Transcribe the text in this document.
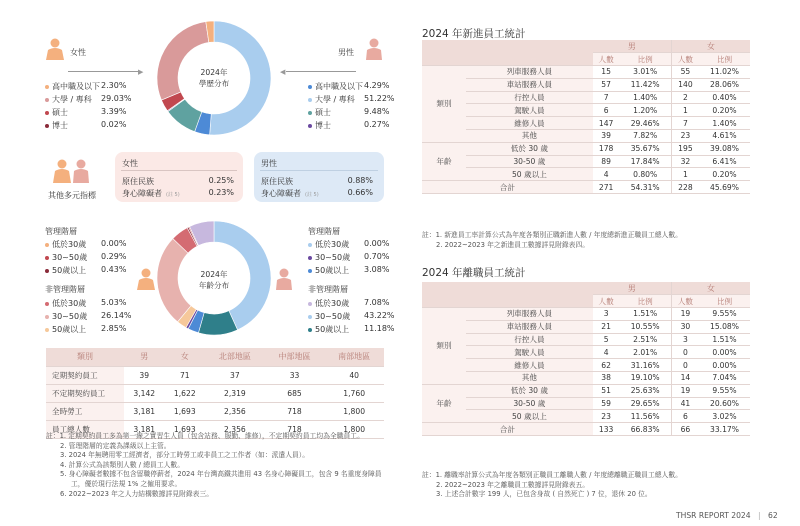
女性
▶
高中職及以下 2.30%
大學 / 專科 29.03%
碩士	3.39%
博士	0.02%
2024年
學歷分布
男性
◀
高中職及以下 4.29%
大學 / 專科 51.22%
碩士	9.48%
博士	0.27%
其他多元指標
女性
原住民族	0.25%
身心障礙者 (註 5)	0.23%
男性
原住民族	0.88%
身心障礙者 (註 5)	0.66%
管理階層
低於30歲 0.00%
30~50歲 0.29%
50歲以上 0.43%
非管理階層
低於30歲 5.03%
30~50歲 26.14%
50歲以上 2.85%
2024年
年齡分布
管理階層
低於30歲 0.00%
30~50歲 0.70%
50歲以上 3.08%
非管理階層
低於30歲 7.08%
30~50歲 43.22%
50歲以上 11.18%
類別	男	女	北部地區	中部地區	南部地區
定期契約員工	39	71	37	33	40
不定期契約員工	3,142	1,622	2,319	685	1,760
全時勞工	3,181	1,693	2,356	718	1,800
員工總人數	3,181	1,693	2,356	718	1,800
註：1. 定期契約員工多為第一線之實習生人員（包含站務、服勤、維修），不定期契約員工均為全職員工。
2. 管理階層的定義為課級以上主管。
3. 2024 年無聘用零工經濟者，部分工時勞工或非員工之工作者（如：派遣人員）。
4. 計算公式為該類別人數 / 總員工人數。
5. 身心障礙者數據不包含留職停薪者，2024 年台灣高鐵共進用 43 名身心障礙員工，包含 9 名重度身障員
工，優於現行法規 1% 之僱用要求。
6. 2022~2023 年之人力結構數據詳見附錄表三。
2024 年新進員工統計
		男		女	
		人數	比例	人數	比例
類別	列車服務人員	15	3.01%	55	11.02%
	車站服務人員	57	11.42%	140	28.06%
	行控人員	7	1.40%	2	0.40%
	駕駛人員	6	1.20%	1	0.20%
	維修人員	147	29.46%	7	1.40%
	其他	39	7.82%	23	4.61%
年齡	低於 30 歲	178	35.67%	195	39.08%
	30-50 歲	89	17.84%	32	6.41%
	50 歲以上	4	0.80%	1	0.20%
合計		271	54.31%	228	45.69%
註：1. 新進員工率計算公式為年度各類別正職新進人數 / 年度總新進正職員工總人數。
2. 2022~2023 年之新進員工數據詳見附錄表四。
2024 年離職員工統計
		男		女	
		人數	比例	人數	比例
類別	列車服務人員	3	1.51%	19	9.55%
	車站服務人員	21	10.55%	30	15.08%
	行控人員	5	2.51%	3	1.51%
	駕駛人員	4	2.01%	0	0.00%
	維修人員	62	31.16%	0	0.00%
	其他	38	19.10%	14	7.04%
年齡	低於 30 歲	51	25.63%	19	9.55%
	30-50 歲	59	29.65%	41	20.60%
	50 歲以上	23	11.56%	6	3.02%
合計		133	66.83%	66	33.17%
註：1. 離職率計算公式為年度各類別正職員工離職人數 / 年度總離職正職員工總人數。
2. 2022~2023 年之離職員工數據詳見附錄表五。
3. 上述合計數字 199 人，已包含身故 ( 自然死亡 ) 7 位，退休 20 位。
THSR REPORT 2024 | 62
